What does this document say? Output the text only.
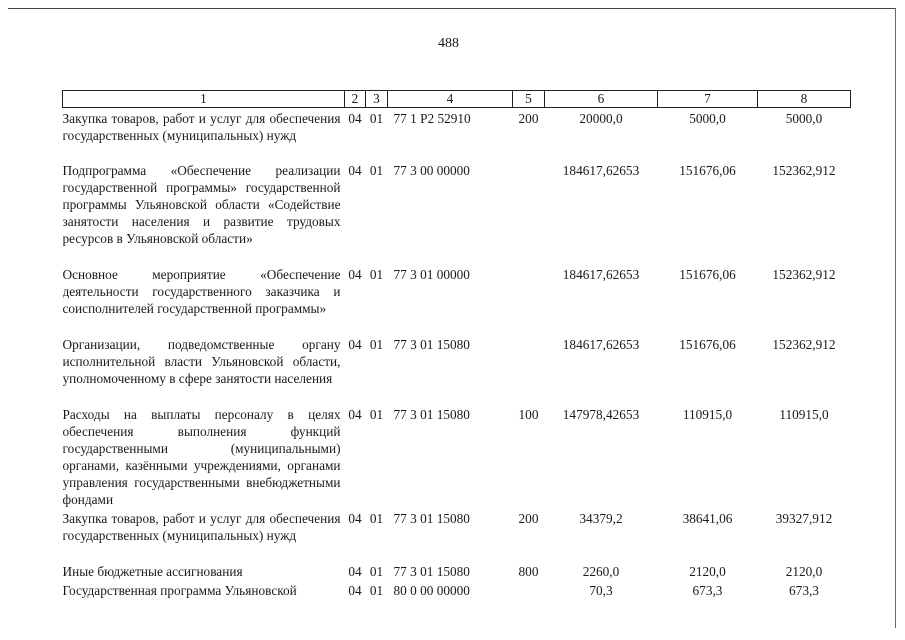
488
1	2	3	4	5	6	7	8
Закупка товаров, работ и услуг для обеспечения государственных (муниципальных) нужд	04	01	77 1 P2 52910	200	20000,0	5000,0	5000,0
Подпрограмма «Обеспечение реализации государственной программы» государственной программы Ульяновской области «Содействие занятости населения и развитие трудовых ресурсов в Ульяновской области»	04	01	77 3 00 00000		184617,62653	151676,06	152362,912
Основное мероприятие «Обеспечение деятельности государственного заказчика и соисполнителей государственной программы»	04	01	77 3 01 00000		184617,62653	151676,06	152362,912
Организации, подведомственные органу исполнительной власти Ульяновской области, уполномоченному в сфере занятости населения	04	01	77 3 01 15080		184617,62653	151676,06	152362,912
Расходы на выплаты персоналу в целях обеспечения выполнения функций государственными (муниципальными) органами, казёнными учреждениями, органами управления государственными внебюджетными фондами	04	01	77 3 01 15080	100	147978,42653	110915,0	110915,0
Закупка товаров, работ и услуг для обеспечения государственных (муниципальных) нужд	04	01	77 3 01 15080	200	34379,2	38641,06	39327,912
Иные бюджетные ассигнования	04	01	77 3 01 15080	800	2260,0	2120,0	2120,0
Государственная программа Ульяновской	04	01	80 0 00 00000		70,3	673,3	673,3
